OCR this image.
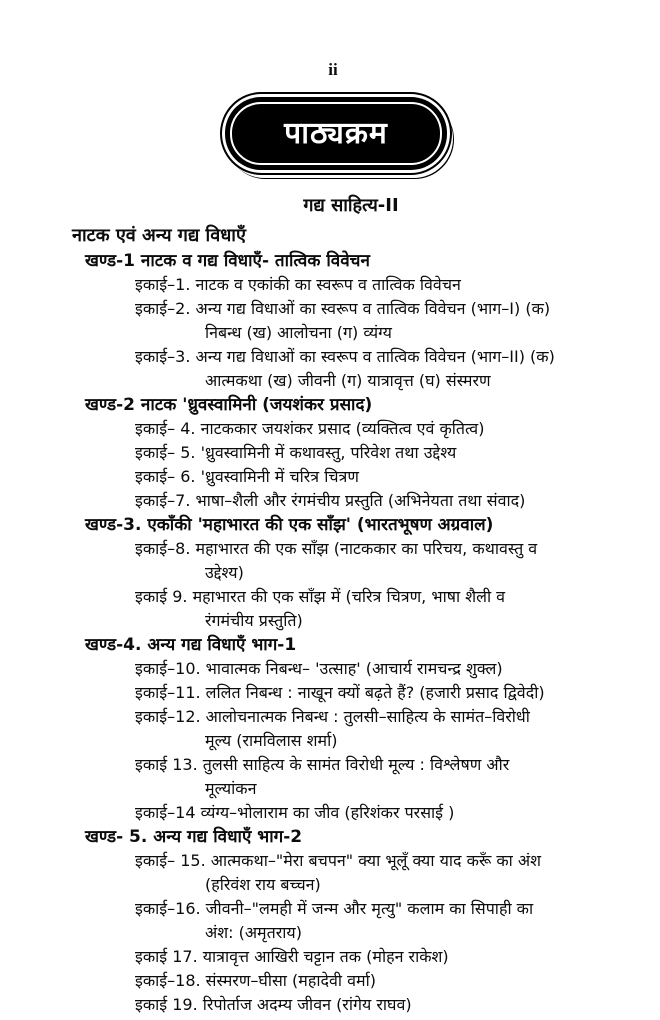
ii
पाठ्यक्रम
गद्य साहित्य-II
नाटक एवं अन्य गद्य विधाएँ
खण्ड-1 नाटक व गद्य विधाएँ- तात्विक विवेचन
इकाई–1. नाटक व एकांकी का स्वरूप व तात्विक विवेचन
इकाई–2. अन्य गद्य विधाओं का स्वरूप व तात्विक विवेचन (भाग–I) (क)
निबन्ध (ख) आलोचना (ग) व्यंग्य
इकाई–3. अन्य गद्य विधाओं का स्वरूप व तात्विक विवेचन (भाग–II) (क)
आत्मकथा (ख) जीवनी (ग) यात्रावृत्त (घ) संस्मरण
खण्ड-2 नाटक 'ध्रुवस्वामिनी (जयशंकर प्रसाद)
इकाई– 4. नाटककार जयशंकर प्रसाद (व्यक्तित्व एवं कृतित्व)
इकाई– 5. 'ध्रुवस्वामिनी में कथावस्तु, परिवेश तथा उद्देश्य
इकाई– 6. 'ध्रुवस्वामिनी में चरित्र चित्रण
इकाई–7. भाषा–शैली और रंगमंचीय प्रस्तुति (अभिनेयता तथा संवाद)
खण्ड-3. एकाँकी 'महाभारत की एक साँझ' (भारतभूषण अग्रवाल)
इकाई–8. महाभारत की एक साँझ (नाटककार का परिचय, कथावस्तु व
उद्देश्य)
इकाई 9. महाभारत की एक साँझ में (चरित्र चित्रण, भाषा शैली व
रंगमंचीय प्रस्तुति)
खण्ड-4. अन्य गद्य विधाएँ भाग-1
इकाई–10. भावात्मक निबन्ध– 'उत्साह' (आचार्य रामचन्द्र शुक्ल)
इकाई–11. ललित निबन्ध : नाखून क्यों बढ़ते हैं? (हजारी प्रसाद द्विवेदी)
इकाई–12. आलोचनात्मक निबन्ध : तुलसी–साहित्य के सामंत–विरोधी
मूल्य (रामविलास शर्मा)
इकाई 13. तुलसी साहित्य के सामंत विरोधी मूल्य : विश्लेषण और
मूल्यांकन
इकाई–14 व्यंग्य–भोलाराम का जीव (हरिशंकर परसाई )
खण्ड- 5. अन्य गद्य विधाएँ भाग-2
इकाई– 15. आत्मकथा–"मेरा बचपन" क्या भूलूँ क्या याद करूँ का अंश
(हरिवंश राय बच्चन)
इकाई–16. जीवनी–"लमही में जन्म और मृत्यु" कलाम का सिपाही का
अंश: (अमृतराय)
इकाई 17. यात्रावृत्त आखिरी चट्टान तक (मोहन राकेश)
इकाई–18. संस्मरण–घीसा (महादेवी वर्मा)
इकाई 19. रिपोर्ताज अदम्य जीवन (रांगेय राघव)
